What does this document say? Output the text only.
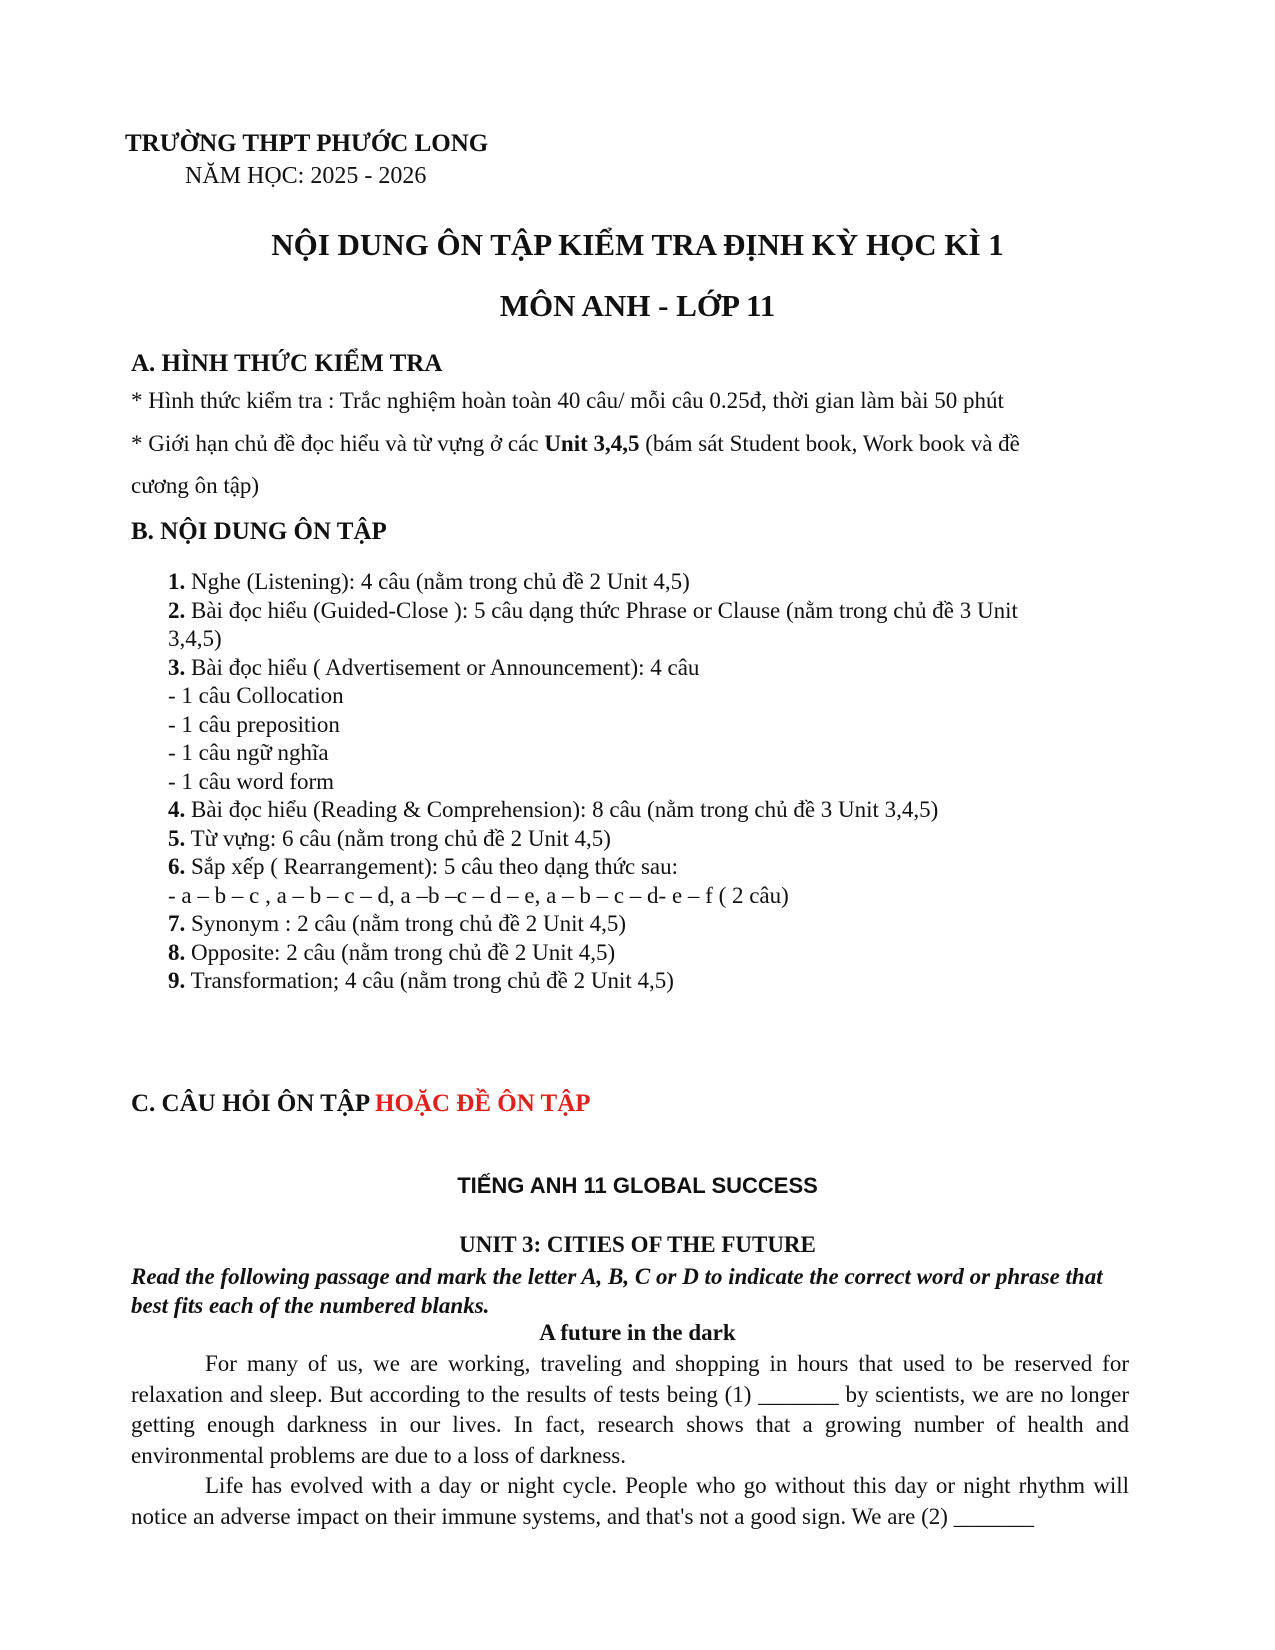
TRƯỜNG THPT PHƯỚC LONG
NĂM HỌC: 2025 - 2026
NỘI DUNG ÔN TẬP KIỂM TRA ĐỊNH KỲ HỌC KÌ 1
MÔN ANH - LỚP 11
A. HÌNH THỨC KIỂM TRA
* Hình thức kiểm tra : Trắc nghiệm hoàn toàn 40 câu/ mỗi câu 0.25đ, thời gian làm bài 50 phút
* Giới hạn chủ đề đọc hiểu và từ vựng ở các Unit 3,4,5 (bám sát Student book, Work book và đề
cương ôn tập)
B. NỘI DUNG ÔN TẬP
1. Nghe (Listening): 4 câu (nằm trong chủ đề 2 Unit 4,5)
2. Bài đọc hiểu (Guided-Close ): 5 câu dạng thức Phrase or Clause (nằm trong chủ đề 3 Unit
3,4,5)
3. Bài đọc hiểu ( Advertisement or Announcement): 4 câu
- 1 câu Collocation
- 1 câu preposition
- 1 câu ngữ nghĩa
- 1 câu word form
4. Bài đọc hiểu (Reading & Comprehension): 8 câu (nằm trong chủ đề 3 Unit 3,4,5)
5. Từ vựng: 6 câu (nằm trong chủ đề 2 Unit 4,5)
6. Sắp xếp ( Rearrangement): 5 câu theo dạng thức sau:
- a – b – c , a – b – c – d, a –b –c – d – e, a – b – c – d- e – f ( 2 câu)
7. Synonym : 2 câu (nằm trong chủ đề 2 Unit 4,5)
8. Opposite: 2 câu (nằm trong chủ đề 2 Unit 4,5)
9. Transformation; 4 câu (nằm trong chủ đề 2 Unit 4,5)
C. CÂU HỎI ÔN TẬP HOẶC ĐỀ ÔN TẬP
TIẾNG ANH 11 GLOBAL SUCCESS
UNIT 3: CITIES OF THE FUTURE
Read the following passage and mark the letter A, B, C or D to indicate the correct word or phrase that best fits each of the numbered blanks.
A future in the dark

For many of us, we are working, traveling and shopping in hours that used to be reserved for relaxation and sleep. But according to the results of tests being (1) _______ by scientists, we are no longer getting enough darkness in our lives. In fact, research shows that a growing number of health and environmental problems are due to a loss of darkness.

Life has evolved with a day or night cycle. People who go without this day or night rhythm will notice an adverse impact on their immune systems, and that's not a good sign. We are (2) _______
